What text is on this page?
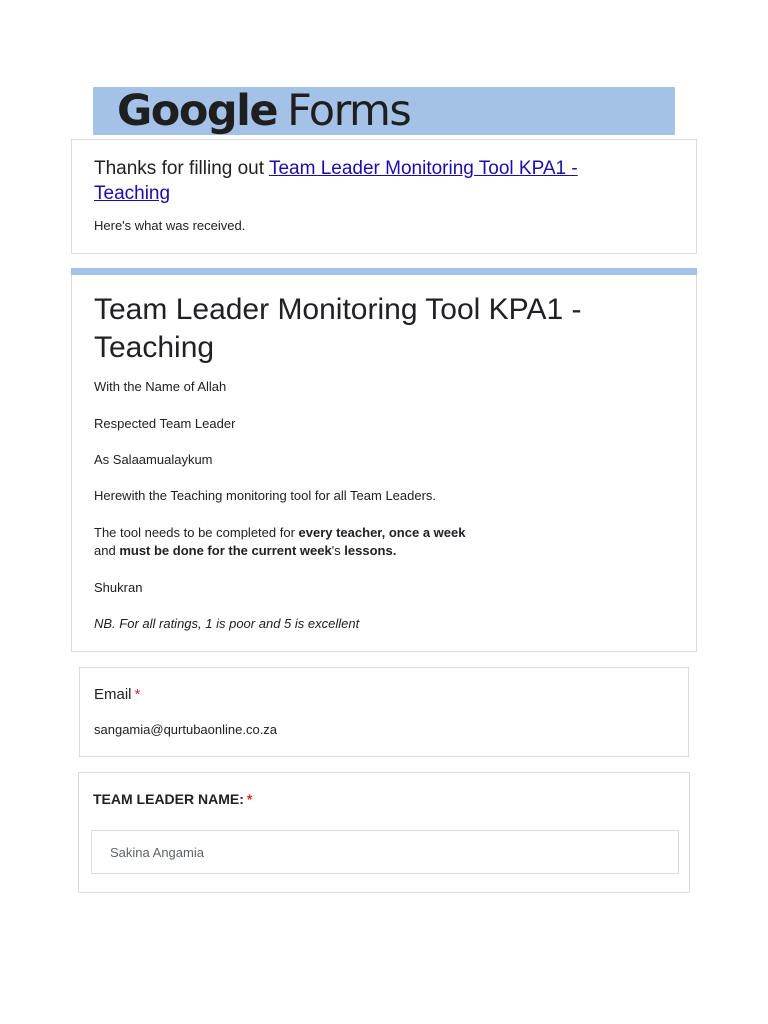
Google Forms
Thanks for filling out Team Leader Monitoring Tool KPA1 - Teaching
Here's what was received.
Team Leader Monitoring Tool KPA1 - Teaching
With the Name of Allah
Respected Team Leader
As Salaamualaykum
Herewith the Teaching monitoring tool for all Team Leaders.
The tool needs to be completed for every teacher, once a week
and must be done for the current week's lessons.
Shukran
NB. For all ratings, 1 is poor and 5 is excellent
Email *
sangamia@qurtubaonline.co.za
TEAM LEADER NAME: *
Sakina Angamia
